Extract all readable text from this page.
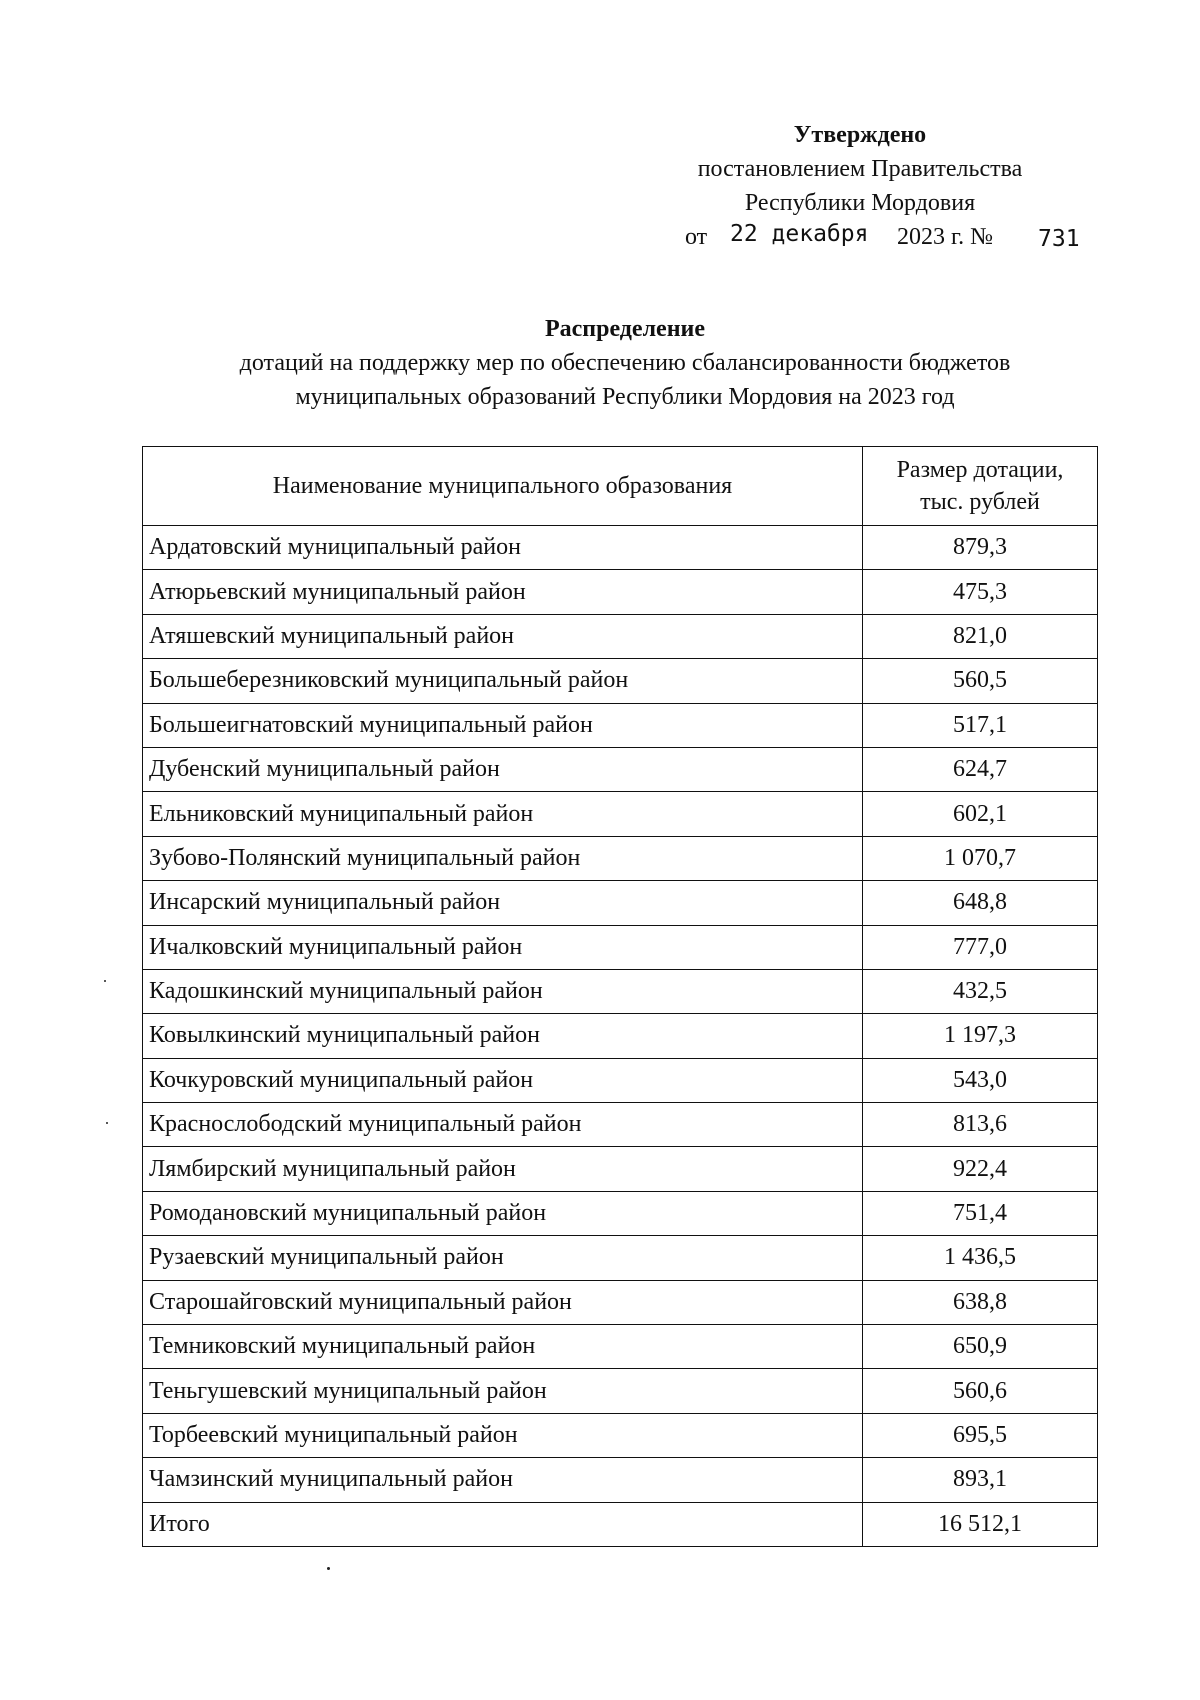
Утверждено
постановлением Правительства
Республики Мордовия
от 22 декабря 2023 г. № 731
Распределение
дотаций на поддержку мер по обеспечению сбалансированности бюджетов
муниципальных образований Республики Мордовия на 2023 год
Наименование муниципального образования	Размер дотации,
тыс. рублей

Ардатовский муниципальный район	879,3
Атюрьевский муниципальный район	475,3
Атяшевский муниципальный район	821,0
Большеберезниковский муниципальный район	560,5
Большеигнатовский муниципальный район	517,1
Дубенский муниципальный район	624,7
Ельниковский муниципальный район	602,1
Зубово-Полянский муниципальный район	1 070,7
Инсарский муниципальный район	648,8
Ичалковский муниципальный район	777,0
Кадошкинский муниципальный район	432,5
Ковылкинский муниципальный район	1 197,3
Кочкуровский муниципальный район	543,0
Краснослободский муниципальный район	813,6
Лямбирский муниципальный район	922,4
Ромодановский муниципальный район	751,4
Рузаевский муниципальный район	1 436,5
Старошайговский муниципальный район	638,8
Темниковский муниципальный район	650,9
Теньгушевский муниципальный район	560,6
Торбеевский муниципальный район	695,5
Чамзинский муниципальный район	893,1
Итого	16 512,1
